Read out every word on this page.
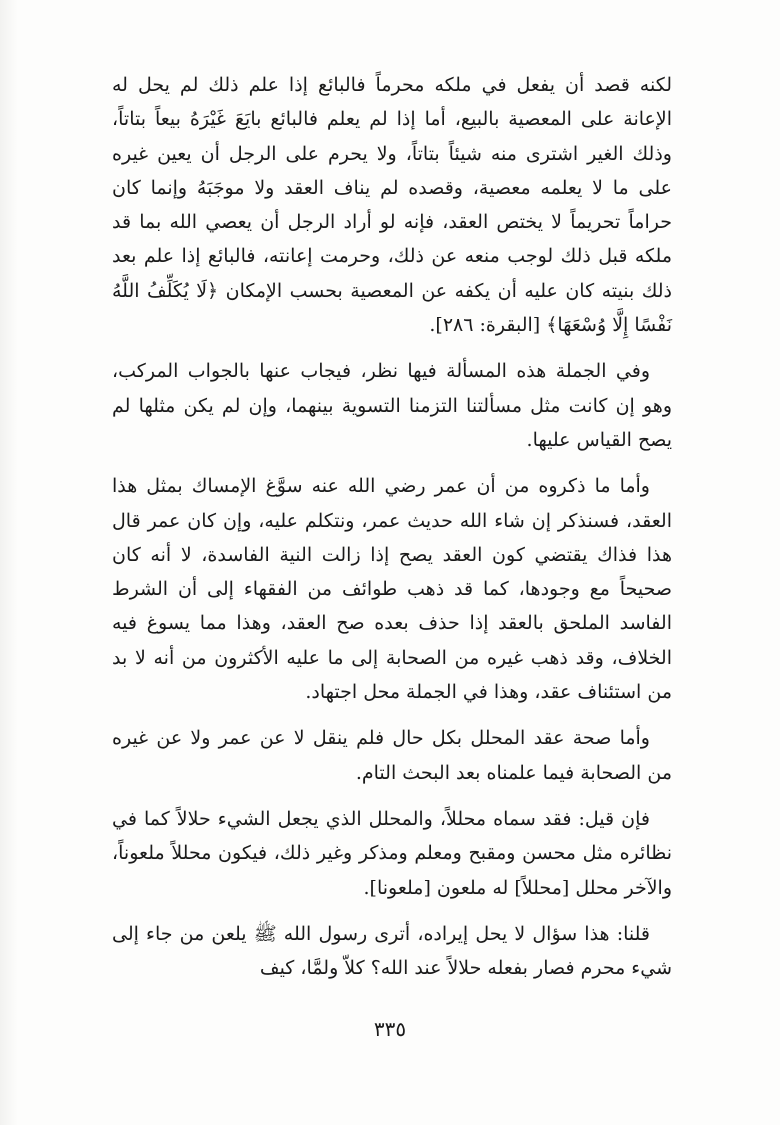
لكنه قصد أن يفعل في ملكه محرماً فالبائع إذا علم ذلك لم يحل له الإعانة على المعصية بالبيع، أما إذا لم يعلم فالبائع بايَعَ غَيْرَهُ بيعاً بتاتاً، وذلك الغير اشترى منه شيئاً بتاتاً، ولا يحرم على الرجل أن يعين غيره على ما لا يعلمه معصية، وقصده لم يناف العقد ولا موجَبَهُ وإنما كان حراماً تحريماً لا يختص العقد، فإنه لو أراد الرجل أن يعصي الله بما قد ملكه قبل ذلك لوجب منعه عن ذلك، وحرمت إعانته، فالبائع إذا علم بعد ذلك بنيته كان عليه أن يكفه عن المعصية بحسب الإمكان ﴿لَا يُكَلِّفُ اللَّهُ نَفْسًا إِلَّا وُسْعَهَا﴾ [البقرة: ٢٨٦].

وفي الجملة هذه المسألة فيها نظر، فيجاب عنها بالجواب المركب، وهو إن كانت مثل مسألتنا التزمنا التسوية بينهما، وإن لم يكن مثلها لم يصح القياس عليها.

وأما ما ذكروه من أن عمر رضي الله عنه سوَّغ الإمساك بمثل هذا العقد، فسنذكر إن شاء الله حديث عمر، ونتكلم عليه، وإن كان عمر قال هذا فذاك يقتضي كون العقد يصح إذا زالت النية الفاسدة، لا أنه كان صحيحاً مع وجودها، كما قد ذهب طوائف من الفقهاء إلى أن الشرط الفاسد الملحق بالعقد إذا حذف بعده صح العقد، وهذا مما يسوغ فيه الخلاف، وقد ذهب غيره من الصحابة إلى ما عليه الأكثرون من أنه لا بد من استئناف عقد، وهذا في الجملة محل اجتهاد.

وأما صحة عقد المحلل بكل حال فلم ينقل لا عن عمر ولا عن غيره من الصحابة فيما علمناه بعد البحث التام.

فإن قيل: فقد سماه محللاً، والمحلل الذي يجعل الشيء حلالاً كما في نظائره مثل محسن ومقبح ومعلم ومذكر وغير ذلك، فيكون محللاً ملعوناً، والآخر محلل [محللاً] له ملعون [ملعونا].

قلنا: هذا سؤال لا يحل إيراده، أترى رسول الله ﷺ يلعن من جاء إلى شيء محرم فصار بفعله حلالاً عند الله؟ كلاّ ولمَّا، كيف

٣٣٥
